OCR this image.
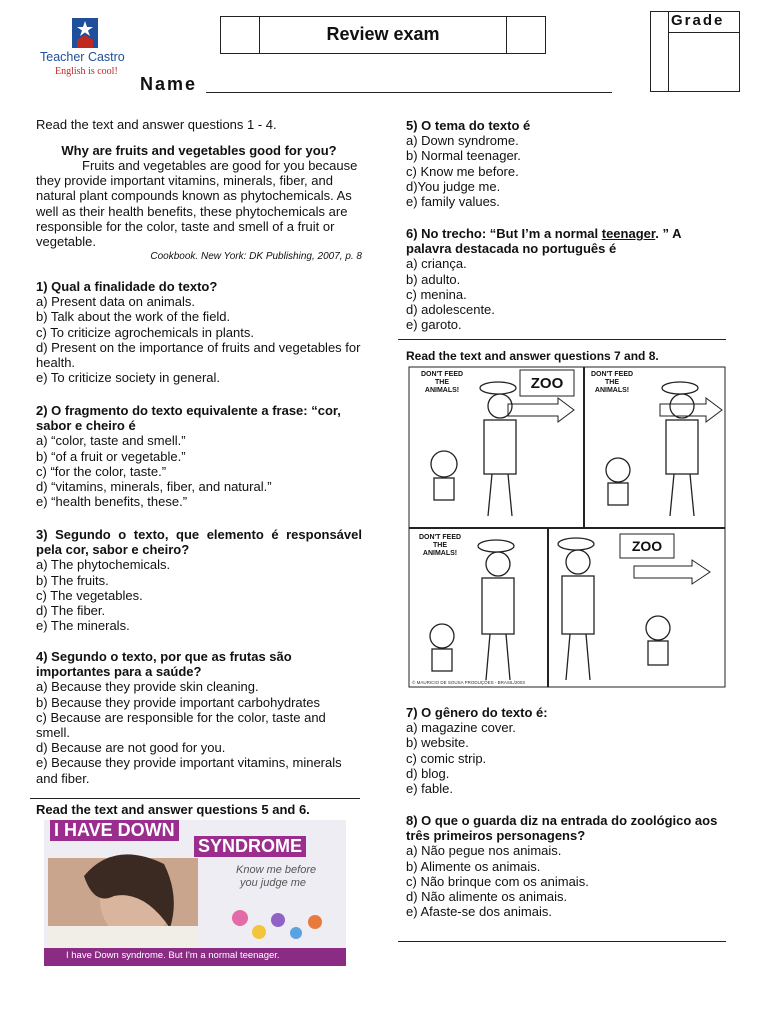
Teacher Castro
English is cool!
Review exam
Grade
Name
Read the text and answer questions 1 - 4.
Why are fruits and vegetables good for you?

Fruits and vegetables are good for you because they provide important vitamins, minerals, fiber, and natural plant compounds known as phytochemicals. As well as their health benefits, these phytochemicals are responsible for the color, taste and smell of a fruit or vegetable.

Cookbook. New York: DK Publishing, 2007, p. 8

1) Qual a finalidade do texto?

a) Present data on animals.

b) Talk about the work of the field.

c) To criticize agrochemicals in plants.

d) Present on the importance of fruits and vegetables for health.

e) To criticize society in general.

2) O fragmento do texto equivalente a frase: “cor, sabor e cheiro é

a) “color, taste and smell.”

b) “of a fruit or vegetable.”

c) “for the color, taste.”

d) “vitamins, minerals, fiber, and natural.”

e) “health benefits, these.”

3) Segundo o texto, que elemento é responsável pela cor, sabor e cheiro?

a) The phytochemicals.

b) The fruits.

c) The vegetables.

d) The fiber.

e) The minerals.

4) Segundo o texto, por que as frutas são importantes para a saúde?

a) Because they provide skin cleaning.

b) Because they provide important carbohydrates

c) Because are responsible for the color, taste and smell.

d) Because are not good for you.

e) Because they provide important vitamins, minerals and fiber.

Read the text and answer questions 5 and 6.
I HAVE DOWN
SYNDROME
Know me before
you judge me
I have Down syndrome. But I'm a normal teenager.

5) O tema do texto é

a) Down syndrome.

b) Normal teenager.

c) Know me before.

d)You judge me.

e) family values.

6) No trecho: “But I’m a normal teenager. ” A palavra destacada no português é

a) criança.

b) adulto.

c) menina.

d) adolescente.

e) garoto.

Read the text and answer questions 7 and 8.
DON'T FEED THE ANIMALS!
DON'T FEED THE ANIMALS!
DON'T FEED THE ANIMALS!
ZOO
ZOO
© MAURICIO DE SOUSA PRODUÇÕES - BRASIL/2003

7) O gênero do texto é:

a) magazine cover.

b) website.

c) comic strip.

d) blog.

e) fable.

8) O que o guarda diz na entrada do zoológico aos três primeiros personagens?

a) Não pegue nos animais.

b) Alimente os animais.

c) Não brinque com os animais.

d) Não alimente os animais.

e) Afaste-se dos animais.
